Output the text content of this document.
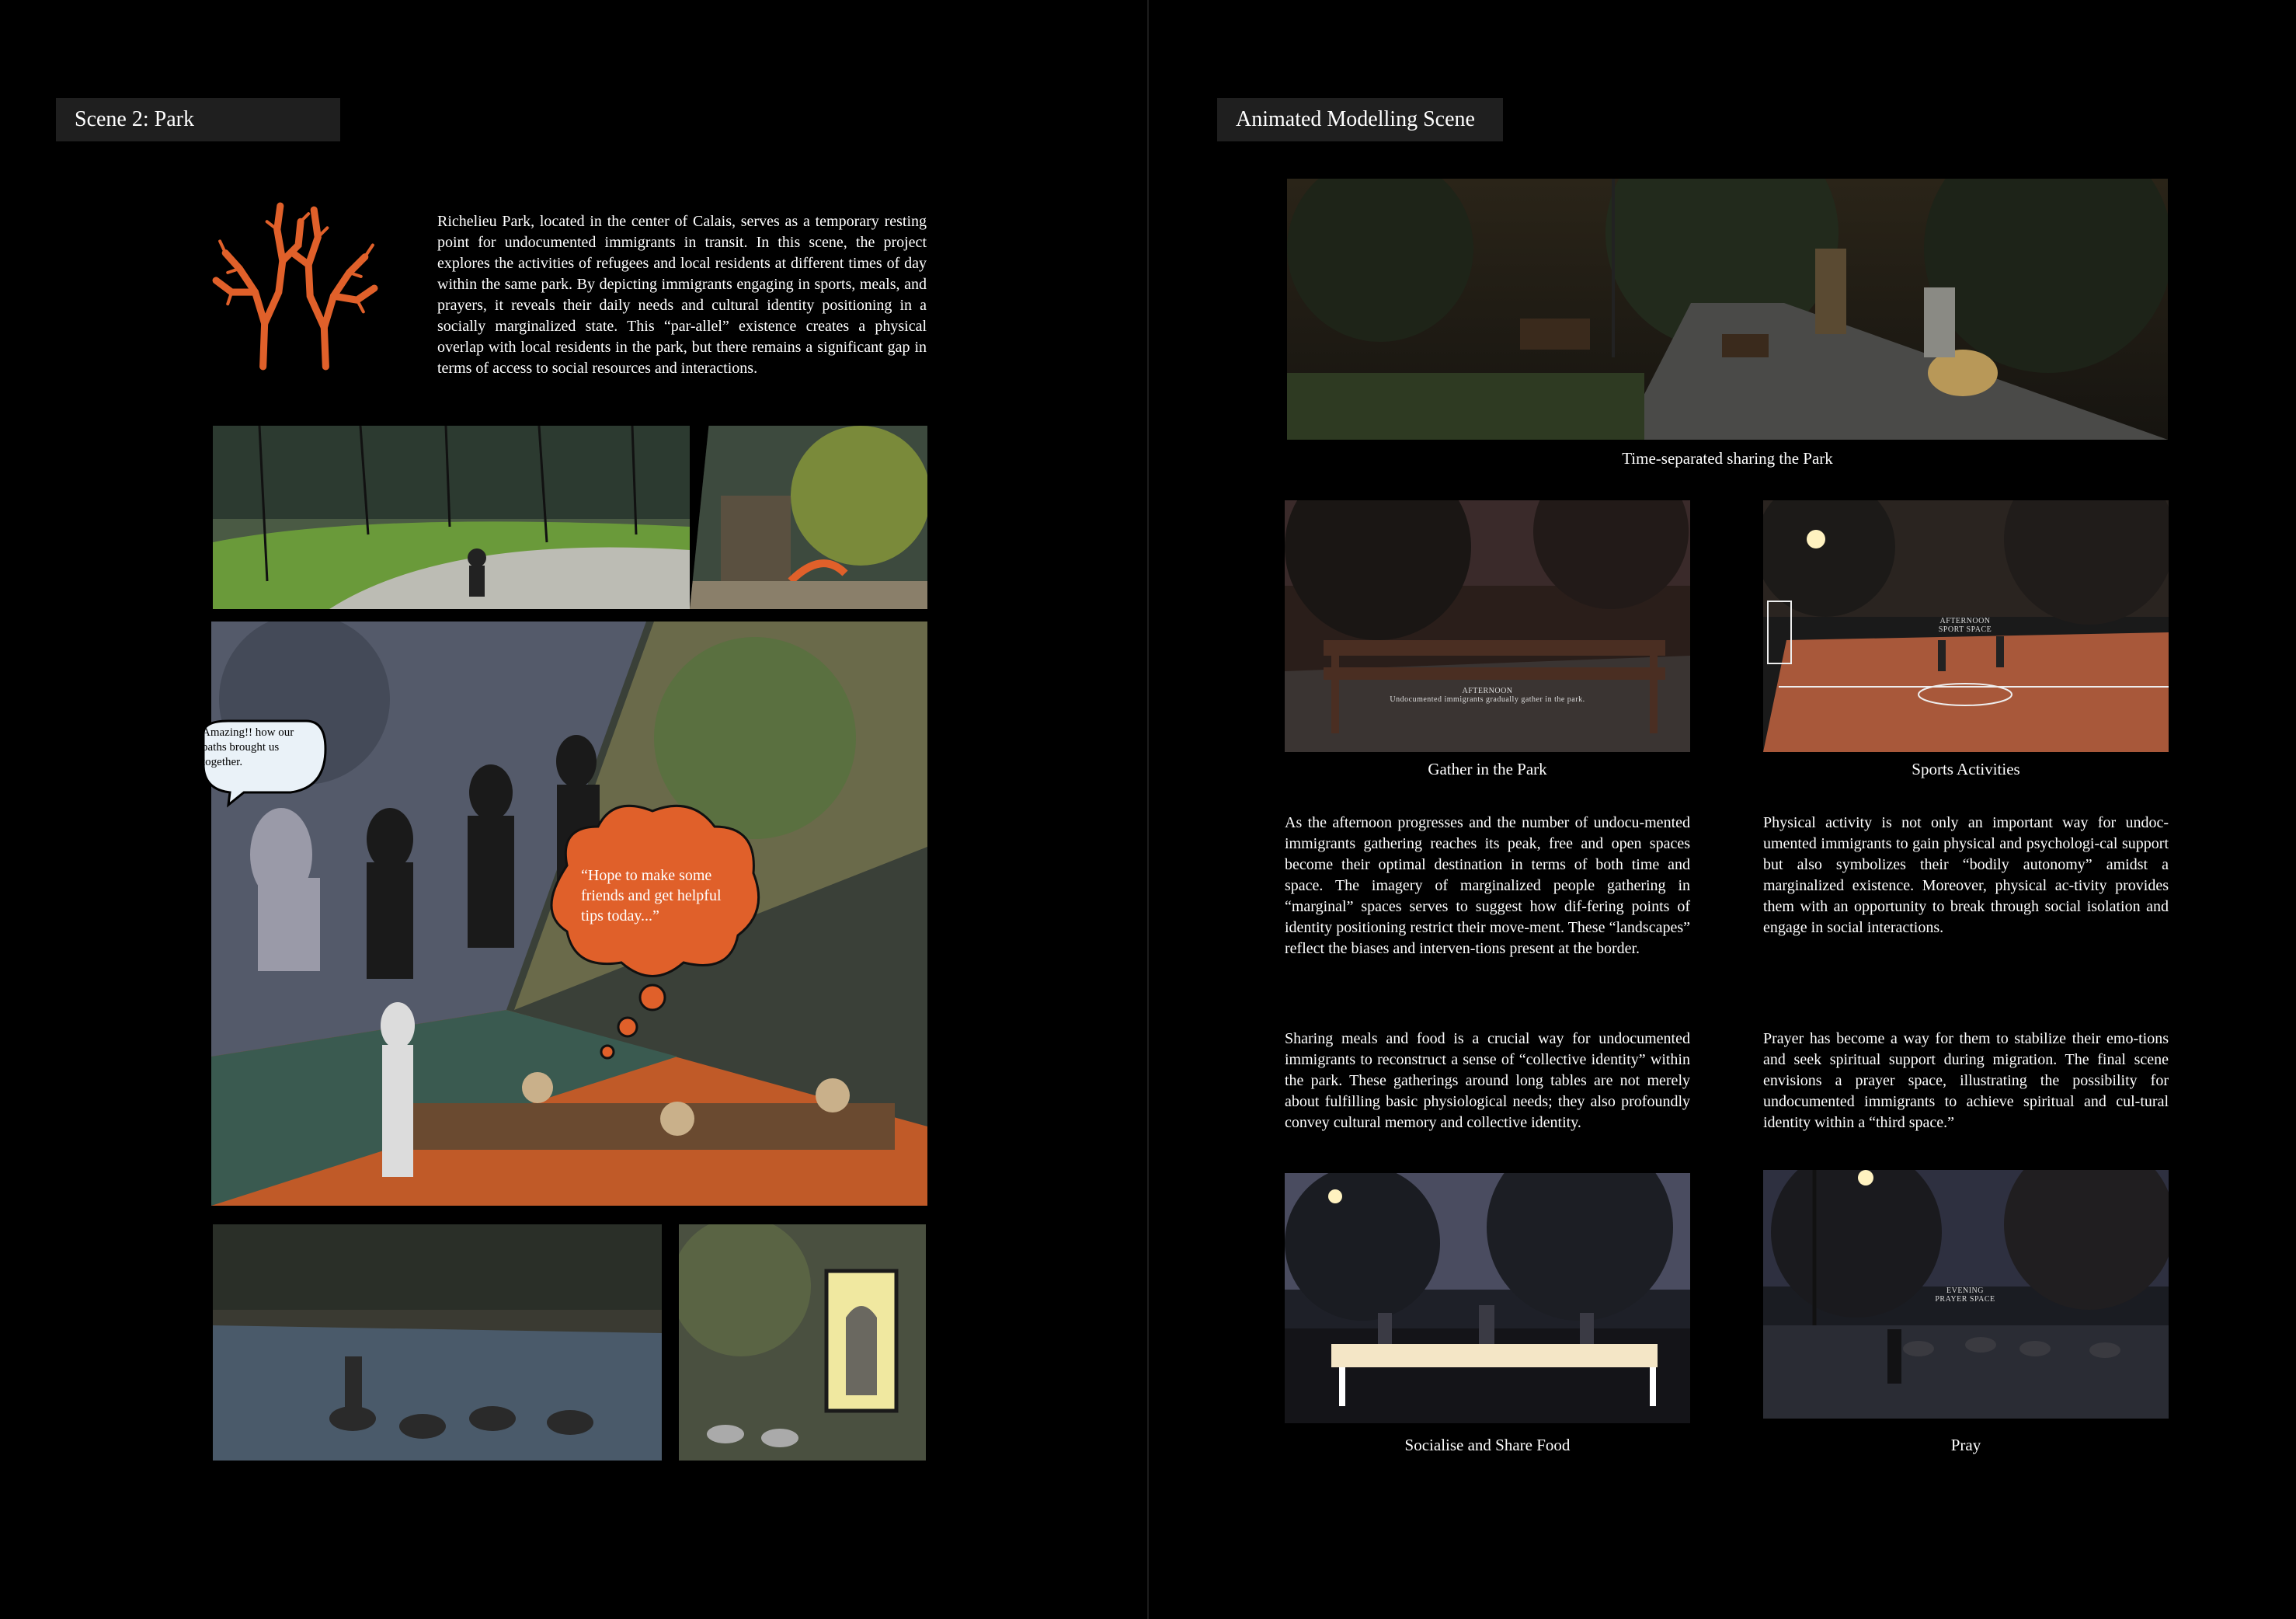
Scene 2: Park

Richelieu Park, located in the center of Calais, serves as a temporary resting point for undocumented immigrants in transit. In this scene, the project explores the activities of refugees and local residents at different times of day within the same park. By depicting immigrants engaging in sports, meals, and prayers, it reveals their daily needs and cultural identity positioning in a socially marginalized state. This “par-allel” existence creates a physical overlap with local residents in the park, but there remains a significant gap in terms of access to social resources and interactions.

Amazing!! how our paths brought us together.
“Hope to make some friends and get helpful tips today...”
Animated Modelling Scene
Time-separated sharing the Park
AFTERNOON
Undocumented immigrants gradually gather in the park.
Gather in the Park
AFTERNOON
SPORT SPACE
Sports Activities

As the afternoon progresses and the number of undocu-mented immigrants gathering reaches its peak, free and open spaces become their optimal destination in terms of both time and space. The imagery of marginalized people gathering in “marginal” spaces serves to suggest how dif-fering points of identity positioning restrict their move-ment. These “landscapes” reflect the biases and interven-tions present at the border.

Physical activity is not only an important way for undoc-umented immigrants to gain physical and psychologi-cal support but also symbolizes their “bodily autonomy” amidst a marginalized existence. Moreover, physical ac-tivity provides them with an opportunity to break through social isolation and engage in social interactions.

Sharing meals and food is a crucial way for undocumented immigrants to reconstruct a sense of “collective identity” within the park. These gatherings around long tables are not merely about fulfilling basic physiological needs; they also profoundly convey cultural memory and collective identity.

Prayer has become a way for them to stabilize their emo-tions and seek spiritual support during migration. The final scene envisions a prayer space, illustrating the possibility for undocumented immigrants to achieve spiritual and cul-tural identity within a “third space.”

Socialise and Share Food
EVENING
PRAYER SPACE
Pray
